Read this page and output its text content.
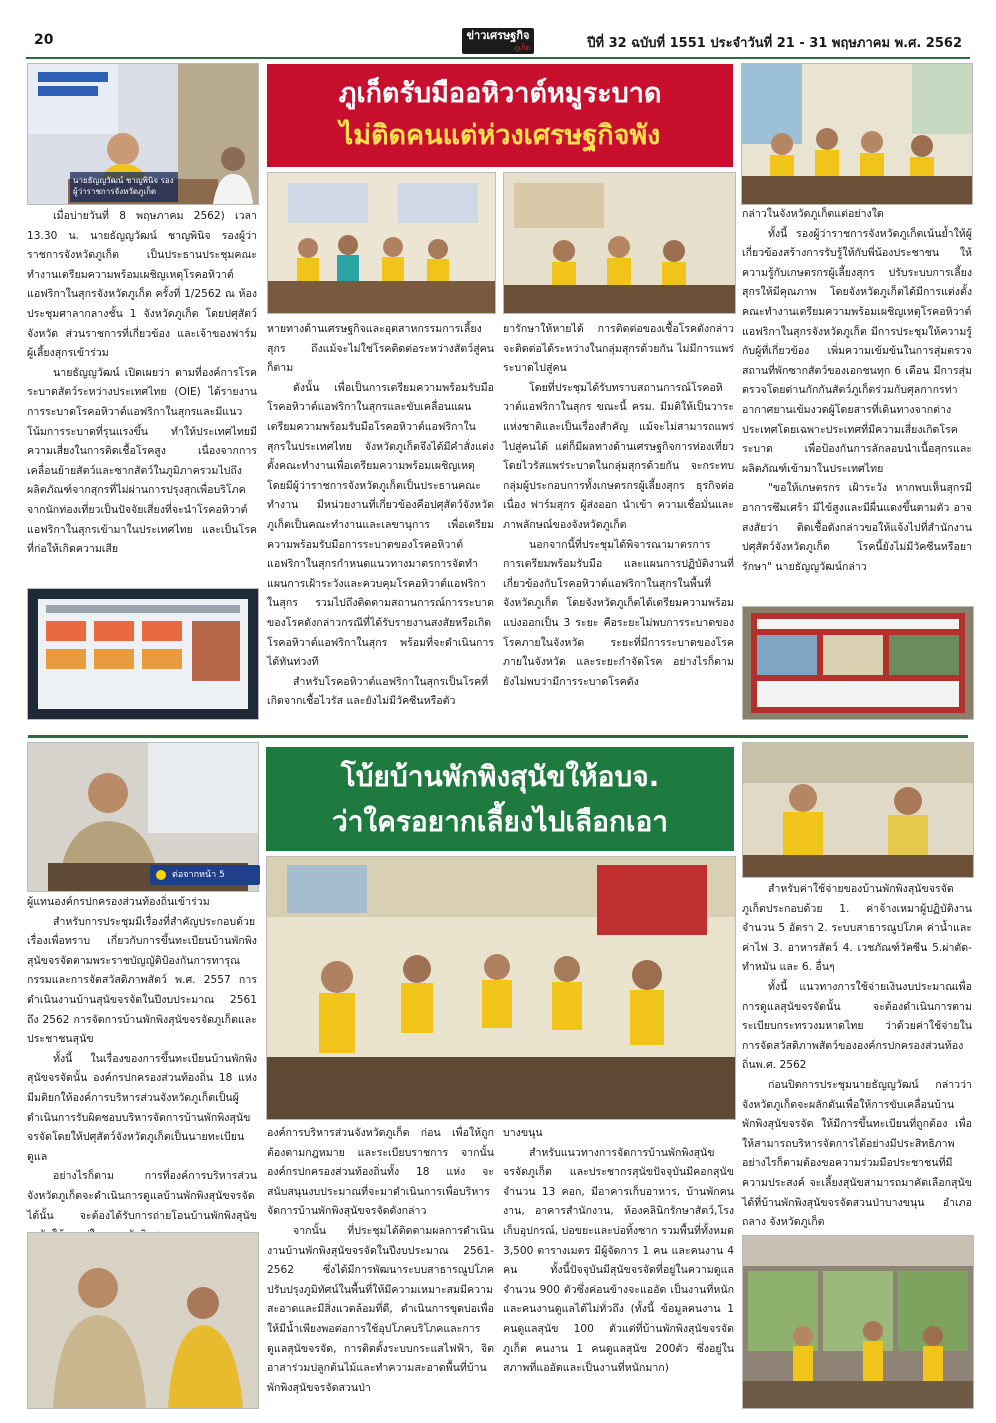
20	ข่าวเศรษฐกิจ
ภูเก็ต	ปีที่ 32 ฉบับที่ 1551 ประจำวันที่ 21 - 31 พฤษภาคม พ.ศ. 2562
ภูเก็ตรับมืออหิวาต์หมูระบาด
ไม่ติดคนแต่ห่วงเศรษฐกิจพัง
นายธัญญวัฒน์ ชาญพินิจ รองผู้ว่าราชการจังหวัดภูเก็ต

เมื่อบ่ายวันที่ 8 พฤษภาคม 2562) เวลา 13.30 น. นายธัญญวัฒน์ ชาญพินิจ รองผู้ว่าราชการจังหวัดภูเก็ต เป็นประธานประชุมคณะทำงานเตรียมความพร้อมเผชิญเหตุโรคอหิวาต์แอฟริกาในสุกรจังหวัดภูเก็ต ครั้งที่ 1/2562 ณ ห้องประชุมศาลากลางชั้น 1 จังหวัดภูเก็ต โดยปศุสัตว์จังหวัด ส่วนราชการที่เกี่ยวข้อง และเจ้าของฟาร์ม ผู้เลี้ยงสุกรเข้าร่วม

นายธัญญวัฒน์ เปิดเผยว่า ตามที่องค์การโรคระบาดสัตว์ระหว่างประเทศไทย (OIE) ได้รายงานการระบาดโรคอหิวาต์แอฟริกาในสุกรและมีแนวโน้มการระบาดที่รุนแรงขึ้น ทำให้ประเทศไทยมีความเสี่ยงในการติดเชื้อโรคสูง เนื่องจากการเคลื่อนย้ายสัตว์และซากสัตว์ในภูมิภาครวมไปถึงผลิตภัณฑ์จากสุกรที่ไม่ผ่านการปรุงสุกเพื่อบริโภคจากนักท่องเที่ยวเป็นปัจจัยเสี่ยงที่จะนำโรคอหิวาต์แอฟริกาในสุกรเข้ามาในประเทศไทย และเป็นโรคที่ก่อให้เกิดความเสีย

หายทางด้านเศรษฐกิจและอุตสาหกรรมการเลี้ยงสุกร ถึงแม้จะไม่ใช่โรคติดต่อระหว่างสัตว์สู่คนก็ตาม

ดังนั้น เพื่อเป็นการเตรียมความพร้อมรับมือโรคอหิวาต์แอฟริกาในสุกรและขับเคลื่อนแผนเตรียมความพร้อมรับมือโรคอหิวาต์แอฟริกาในสุกรในประเทศไทย จังหวัดภูเก็ตจึงได้มีคำสั่งแต่งตั้งคณะทำงานเพื่อเตรียมความพร้อมเผชิญเหตุ โดยมีผู้ว่าราชการจังหวัดภูเก็ตเป็นประธานคณะทำงาน มีหน่วยงานที่เกี่ยวข้องคือปศุสัตว์จังหวัดภูเก็ตเป็นคณะทำงานและเลขานุการ เพื่อเตรียมความพร้อมรับมือการระบาดของโรคอหิวาต์แอฟริกาในสุกรกำหนดแนวทางมาตรการจัดทำแผนการเฝ้าระวังและควบคุมโรคอหิวาต์แอฟริกาในสุกร รวมไปถึงติดตามสถานการณ์การระบาดของโรคดังกล่าวกรณีที่ได้รับรายงานสงสัยหรือเกิดโรคอหิวาต์แอฟริกาในสุกร พร้อมที่จะดำเนินการได้ทันท่วงที

สำหรับโรคอหิวาต์แอฟริกาในสุกรเป็นโรคที่เกิดจากเชื้อไวรัส และยังไม่มีวัคซีนหรือตัว

ยารักษาให้หายได้ การติดต่อของเชื้อโรคดังกล่าวจะติดต่อได้ระหว่างในกลุ่มสุกรด้วยกัน ไม่มีการแพร่ระบาดไปสู่คน

โดยที่ประชุมได้รับทราบสถานการณ์โรคอหิวาต์แอฟริกาในสุกร ขณะนี้ ครม. มีมติให้เป็นวาระแห่งชาติและเป็นเรื่องสำคัญ แม้จะไม่สามารถแพร่ไปสู่คนได้ แต่ก็มีผลทางด้านเศรษฐกิจการท่องเที่ยว โดยไวรัสแพร่ระบาดในกลุ่มสุกรด้วยกัน จะกระทบกลุ่มผู้ประกอบการทั้งเกษตรกรผู้เลี้ยงสุกร ธุรกิจต่อเนื่อง ฟาร์มสุกร ผู้ส่งออก นำเข้า ความเชื่อมั่นและภาพลักษณ์ของจังหวัดภูเก็ต

นอกจากนี้ที่ประชุมได้พิจารณามาตรการการเตรียมพร้อมรับมือ และแผนการปฏิบัติงานที่เกี่ยวข้องกับโรคอหิวาต์แอฟริกาในสุกรในพื้นที่จังหวัดภูเก็ต โดยจังหวัดภูเก็ตได้เตรียมความพร้อมแบ่งออกเป็น 3 ระยะ คือระยะไม่พบการระบาดของโรคภายในจังหวัด ระยะที่มีการระบาดของโรคภายในจังหวัด และระยะกำจัดโรค อย่างไรก็ตาม ยังไม่พบว่ามีการระบาดโรคดัง

กล่าวในจังหวัดภูเก็ตแต่อย่างใด

ทั้งนี้ รองผู้ว่าราชการจังหวัดภูเก็ตเน้นย้ำให้ผู้เกี่ยวข้องสร้างการรับรู้ให้กับพี่น้องประชาชน ให้ความรู้กับเกษตรกรผู้เลี้ยงสุกร ปรับระบบการเลี้ยงสุกรให้มีคุณภาพ โดยจังหวัดภูเก็ตได้มีการแต่งตั้งคณะทำงานเตรียมความพร้อมเผชิญเหตุโรคอหิวาต์แอฟริกาในสุกรจังหวัดภูเก็ต มีการประชุมให้ความรู้กับผู้ที่เกี่ยวข้อง เพิ่มความเข้มข้นในการสุ่มตรวจสถานที่พักซากสัตว์ของเอกชนทุก 6 เดือน มีการสุ่มตรวจโดยด่านกักกันสัตว์ภูเก็ตร่วมกับศุลกากรท่าอากาศยานเข้มงวดผู้โดยสารที่เดินทางจากต่างประเทศโดยเฉพาะประเทศที่มีความเสี่ยงเกิดโรคระบาด เพื่อป้องกันการลักลอบนำเนื้อสุกรและผลิตภัณฑ์เข้ามาในประเทศไทย

"ขอให้เกษตรกร เฝ้าระวัง หากพบเห็นสุกรมี อาการซึมเศร้า มีไข้สูงและมีผื่นแดงขึ้นตามตัว อาจสงสัยว่า ติดเชื้อดังกล่าวขอให้แจ้งไปที่สำนักงานปศุสัตว์จังหวัดภูเก็ต โรคนี้ยังไม่มีวัคซีนหรือยารักษา" นายธัญญวัฒน์กล่าว

โบ้ยบ้านพักพิงสุนัขให้อบจ.
ว่าใครอยากเลี้ยงไปเลือกเอา
ต่อจากหน้า 5

ผู้แทนองค์กรปกครองส่วนท้องถิ่นเข้าร่วม

สำหรับการประชุมมีเรื่องที่สำคัญประกอบด้วย เรื่องเพื่อทราบ เกี่ยวกับการขึ้นทะเบียนบ้านพักพิงสุนัขจรจัดตามพระราชบัญญัติป้องกันการทารุณกรรมและการจัดสวัสดิภาพสัตว์ พ.ศ. 2557 การดำเนินงานบ้านสุนัขจรจัดในปีงบประมาณ 2561 ถึง 2562 การจัดการบ้านพักพิงสุนัขจรจัดภูเก็ตและประชาชนสุนัข

ทั้งนี้ ในเรื่องของการขึ้นทะเบียนบ้านพักพิงสุนัขจรจัดนั้น องค์กรปกครองส่วนท้องถิ่น 18 แห่ง มีมติยกให้องค์การบริหารส่วนจังหวัดภูเก็ตเป็นผู้ดำเนินการรับผิดชอบบริหารจัดการบ้านพักพิงสุนัขจรจัดโดยให้ปศุสัตว์จังหวัดภูเก็ตเป็นนายทะเบียนดูแล

อย่างไรก็ตาม การที่องค์การบริหารส่วนจังหวัดภูเก็ตจะดำเนินการดูแลบ้านพักพิงสุนัขจรจัดได้นั้น จะต้องได้รับการถ่ายโอนบ้านพักพิงสุนัข

องค์การบริหารส่วนจังหวัดภูเก็ต ก่อน เพื่อให้ถูกต้องตามกฎหมาย และระเบียบราชการ จากนั้นองค์กรปกครองส่วนท้องถิ่นทั้ง 18 แห่ง จะสนับสนุนงบประมาณที่จะมาดำเนินการเพื่อบริหารจัดการบ้านพักพิงสุนัขจรจัดดังกล่าว

จากนั้น ที่ประชุมได้ติดตามผลการดำเนินงานบ้านพักพิงสุนัขจรจัดในปีงบประมาณ 2561-2562 ซึ่งได้มีการพัฒนาระบบสาธารณูปโภค ปรับปรุงภูมิทัศน์ในพื้นที่ให้มีความเหมาะสมมีความสะอาดและมีสิ่งแวดล้อมที่ดี, ดำเนินการขุดบ่อเพื่อให้มีน้ำเพียงพอต่อการใช้อุปโภคบริโภคและการดูแลสุนัขจรจัด, การติดตั้งระบบกระแสไฟฟ้า, จิตอาสาร่วมปลูกต้นไม้และทำความสะอาดพื้นที่บ้านพักพิงสุนัขจรจัดสวนป่า

บางขนุน

สำหรับแนวทางการจัดการบ้านพักพิงสุนัขจรจัดภูเก็ต และประชากรสุนัขปัจจุบันมีคอกสุนัขจำนวน 13 คอก, มีอาคารเก็บอาหาร, บ้านพักคนงาน, อาคารสำนักงาน, ห้องคลินิกรักษาสัตว์,โรงเก็บอุปกรณ์, บ่อขยะและบ่อทิ้งซาก รวมพื้นที่ทั้งหมด 3,500 ตารางเมตร มีผู้จัดการ 1 คน และคนงาน 4 คน ทั้งนี้ปัจจุบันมีสุนัขจรจัดที่อยู่ในความดูแลจำนวน 900 ตัวซึ่งค่อนข้างจะแออัด เป็นงานที่หนัก และคนงานดูแลได้ไม่ทั่วถึง (ทั้งนี้ ข้อมูลคนงาน 1 คนดูแลสุนัข 100 ตัวแต่ที่บ้านพักพิงสุนัขจรจัดภูเก็ต คนงาน 1 คนดูแลสุนัข 200ตัว ซึ่งอยู่ในสภาพที่แออัดและเป็นงานที่หนักมาก)

สำหรับค่าใช้จ่ายของบ้านพักพิงสุนัขจรจัดภูเก็ตประกอบด้วย 1. ค่าจ้างเหมาผู้ปฏิบัติงานจำนวน 5 อัตรา 2. ระบบสาธารณูปโภค ค่าน้ำและค่าไฟ 3. อาหารสัตว์ 4. เวชภัณฑ์วัคซีน 5.ผ่าตัด-ทำหมัน และ 6. อื่นๆ

ทั้งนี้ แนวทางการใช้จ่ายเงินงบประมาณเพื่อการดูแลสุนัขจรจัดนั้น จะต้องดำเนินการตามระเบียบกระทรวงมหาดไทย ว่าด้วยค่าใช้จ่ายในการจัดสวัสดิภาพสัตว์ขององค์กรปกครองส่วนท้องถิ่นพ.ศ. 2562

ก่อนปิดการประชุมนายธัญญวัฒน์ กล่าวว่า จังหวัดภูเก็ตจะผลักดันเพื่อให้การขับเคลื่อนบ้านพักพิงสุนัขจรจัด ให้มีการขึ้นทะเบียนที่ถูกต้อง เพื่อให้สามารถบริหารจัดการได้อย่างมีประสิทธิภาพ อย่างไรก็ตามต้องขอความร่วมมือประชาชนที่มีความประสงค์ จะเลี้ยงสุนัขสามารถมาคัดเลือกสุนัขได้ที่บ้านพักพิงสุนัขจรจัดสวนป่าบางขนุน อำเภอถลาง จังหวัดภูเก็ต
